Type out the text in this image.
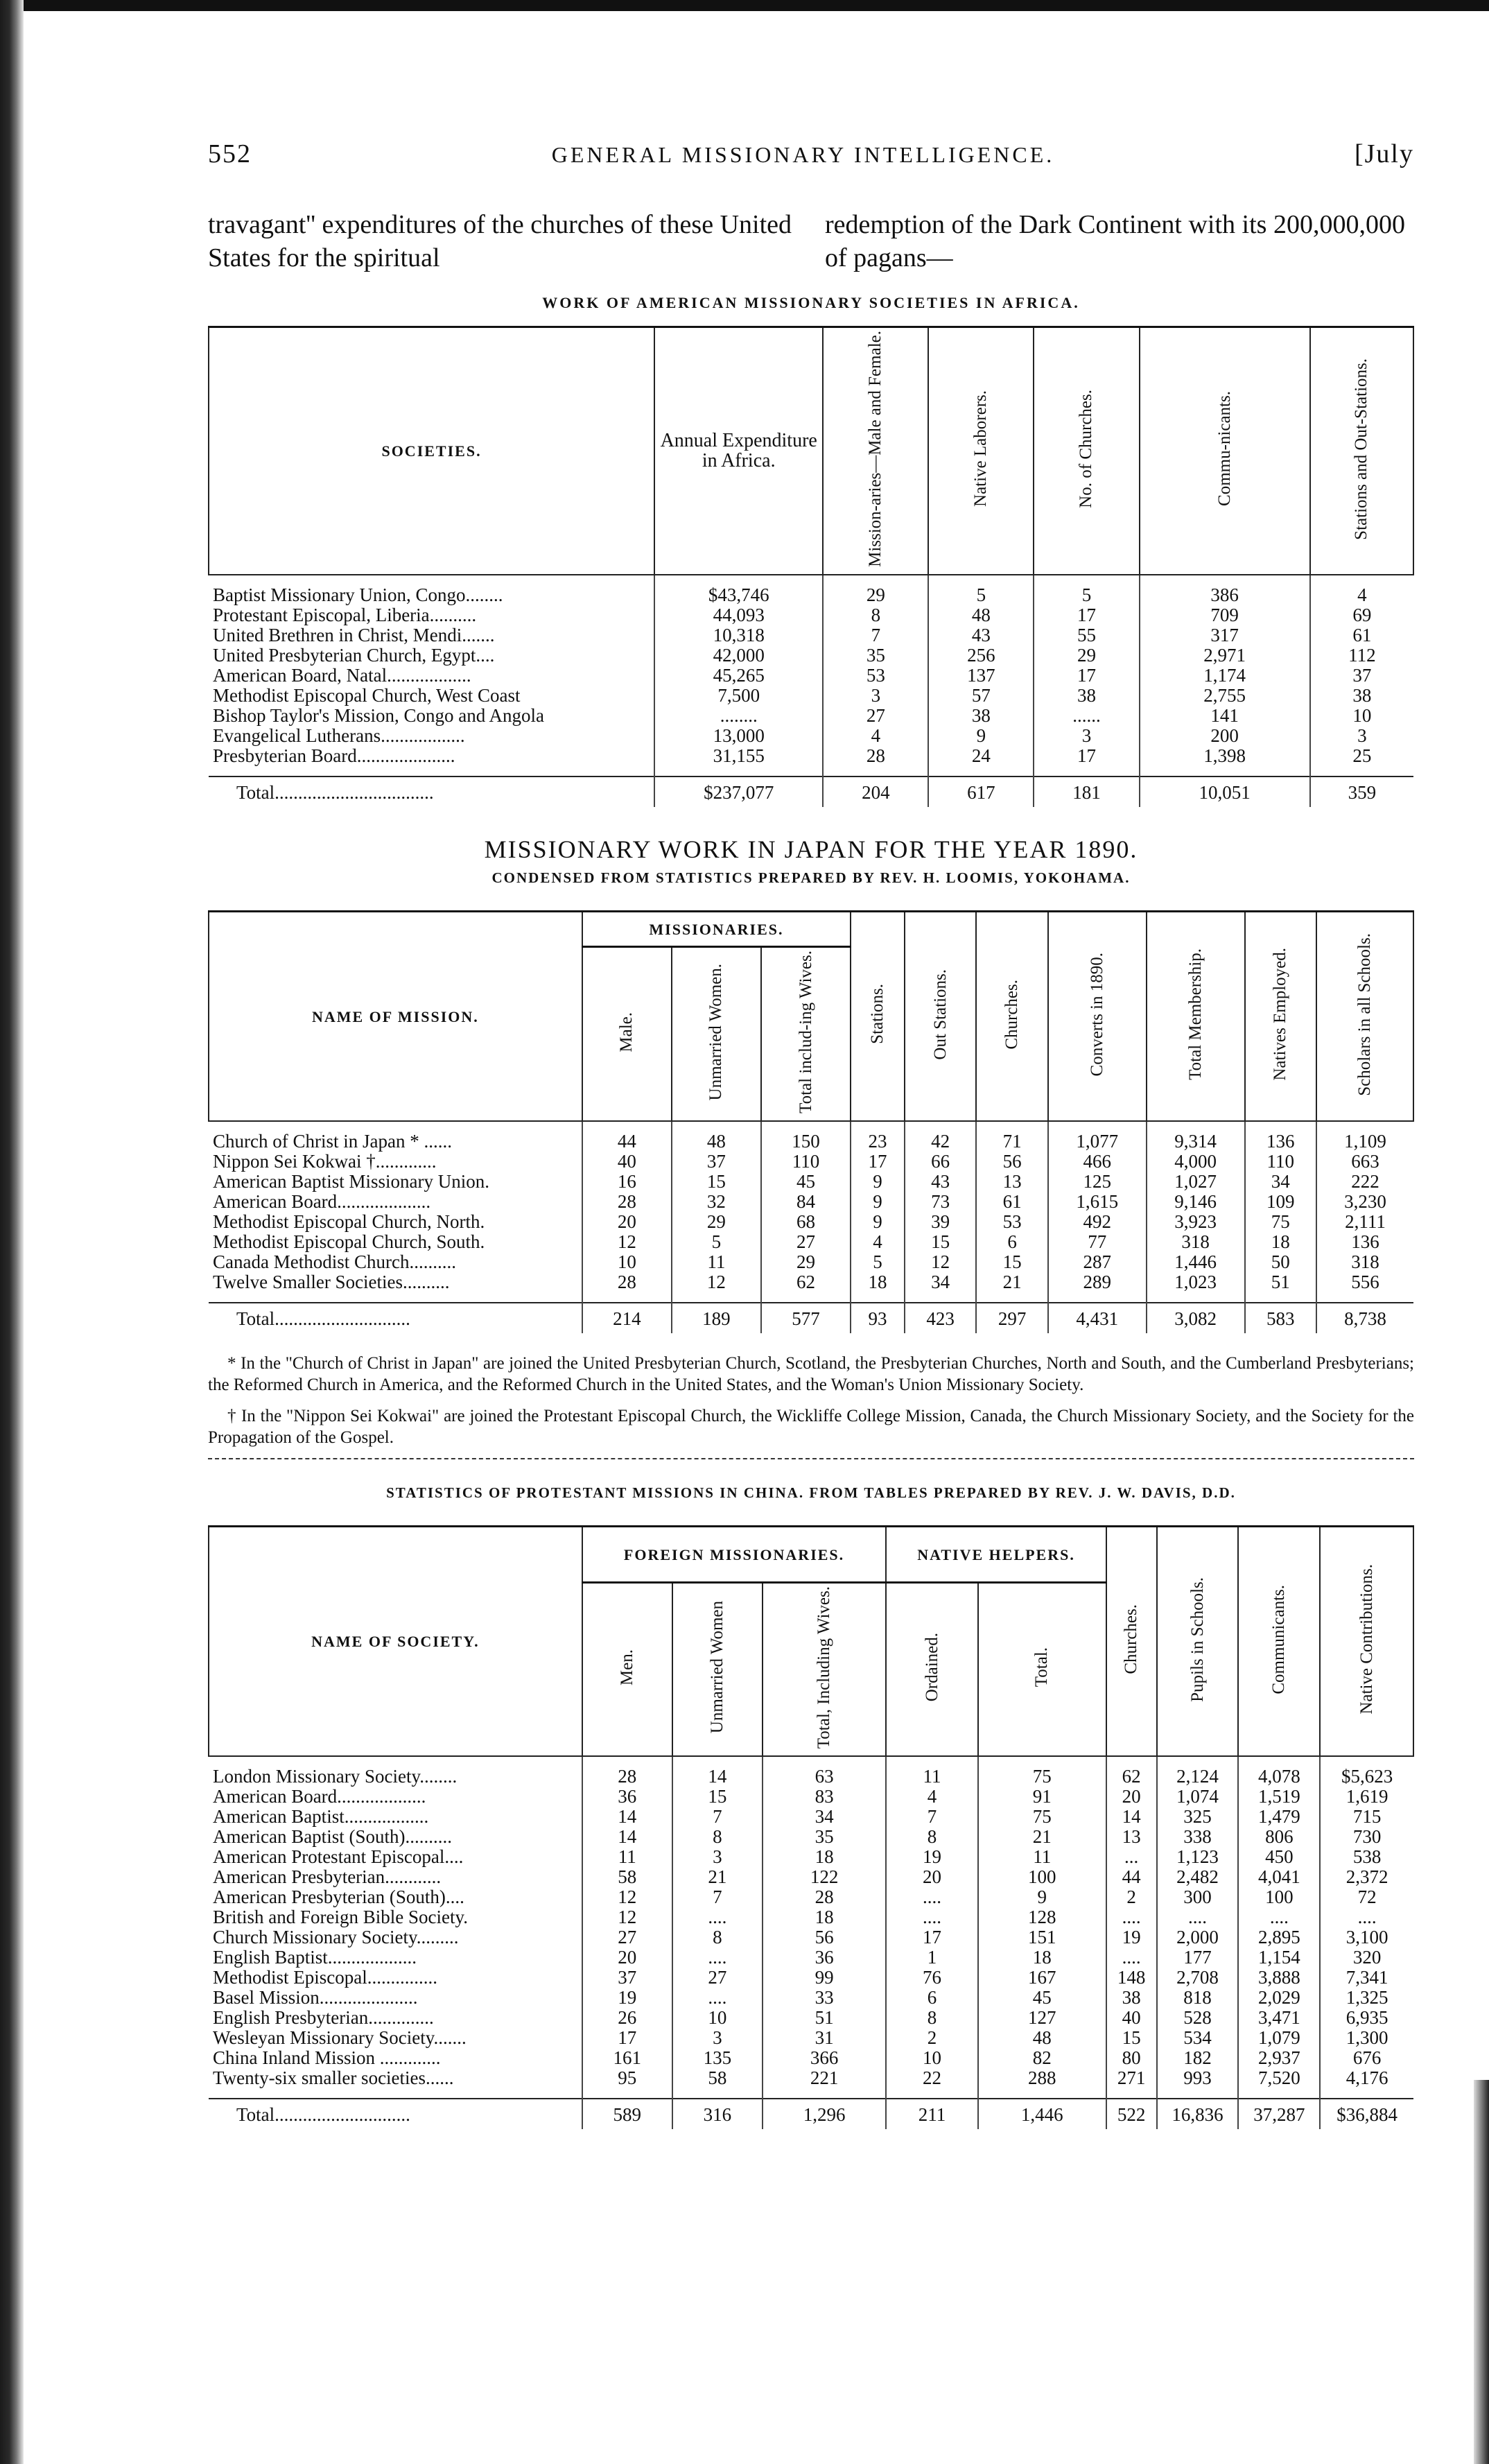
552	GENERAL MISSIONARY INTELLIGENCE.	[July
travagant'' expenditures of the churches of these United States for the spiritual
redemption of the Dark Continent with its 200,000,000 of pagans—
WORK OF AMERICAN MISSIONARY SOCIETIES IN AFRICA.
SOCIETIES.	Annual Expenditure in Africa.	Mission-aries—Male and Female.	Native Laborers.	No. of Churches.	Commu-nicants.	Stations and Out-Stations.
Baptist Missionary Union, Congo........	$43,746	29	5	5	386	4
Protestant Episcopal, Liberia..........	44,093	8	48	17	709	69
United Brethren in Christ, Mendi.......	10,318	7	43	55	317	61
United Presbyterian Church, Egypt....	42,000	35	256	29	2,971	112
American Board, Natal..................	45,265	53	137	17	1,174	37
Methodist Episcopal Church, West Coast	7,500	3	57	38	2,755	38
Bishop Taylor's Mission, Congo and Angola	........	27	38	......	141	10
Evangelical Lutherans..................	13,000	4	9	3	200	3
Presbyterian Board.....................	31,155	28	24	17	1,398	25
Total..................................	$237,077	204	617	181	10,051	359
MISSIONARY WORK IN JAPAN FOR THE YEAR 1890.
CONDENSED FROM STATISTICS PREPARED BY REV. H. LOOMIS, YOKOHAMA.
NAME OF MISSION.	MISSIONARIES.			Stations.	Out Stations.	Churches.	Converts in 1890.	Total Membership.	Natives Employed.	Scholars in all Schools.
	Male.	Unmarried Women.	Total includ-ing Wives.							
Church of Christ in Japan * ......	44	48	150	23	42	71	1,077	9,314	136	1,109
Nippon Sei Kokwai †.............	40	37	110	17	66	56	466	4,000	110	663
American Baptist Missionary Union.	16	15	45	9	43	13	125	1,027	34	222
American Board....................	28	32	84	9	73	61	1,615	9,146	109	3,230
Methodist Episcopal Church, North.	20	29	68	9	39	53	492	3,923	75	2,111
Methodist Episcopal Church, South.	12	5	27	4	15	6	77	318	18	136
Canada Methodist Church..........	10	11	29	5	12	15	287	1,446	50	318
Twelve Smaller Societies..........	28	12	62	18	34	21	289	1,023	51	556
Total.............................	214	189	577	93	423	297	4,431	3,082	583	8,738

* In the "Church of Christ in Japan" are joined the United Presbyterian Church, Scotland, the Presbyterian Churches, North and South, and the Cumberland Presbyterians; the Reformed Church in America, and the Reformed Church in the United States, and the Woman's Union Missionary Society.

† In the "Nippon Sei Kokwai" are joined the Protestant Episcopal Church, the Wickliffe College Mission, Canada, the Church Missionary Society, and the Society for the Propagation of the Gospel.

STATISTICS OF PROTESTANT MISSIONS IN CHINA. FROM TABLES PREPARED BY REV. J. W. DAVIS, D.D.
NAME OF SOCIETY.	FOREIGN MISSIONARIES.			NATIVE HELPERS.		Churches.	Pupils in Schools.	Communicants.	Native Contributions.
	Men.	Unmarried Women	Total, Including Wives.	Ordained.	Total.				
London Missionary Society........	28	14	63	11	75	62	2,124	4,078	$5,623
American Board...................	36	15	83	4	91	20	1,074	1,519	1,619
American Baptist..................	14	7	34	7	75	14	325	1,479	715
American Baptist (South)..........	14	8	35	8	21	13	338	806	730
American Protestant Episcopal....	11	3	18	19	11	...	1,123	450	538
American Presbyterian............	58	21	122	20	100	44	2,482	4,041	2,372
American Presbyterian (South)....	12	7	28	....	9	2	300	100	72
British and Foreign Bible Society.	12	....	18	....	128	....	....	....	....
Church Missionary Society.........	27	8	56	17	151	19	2,000	2,895	3,100
English Baptist...................	20	....	36	1	18	....	177	1,154	320
Methodist Episcopal...............	37	27	99	76	167	148	2,708	3,888	7,341
Basel Mission.....................	19	....	33	6	45	38	818	2,029	1,325
English Presbyterian..............	26	10	51	8	127	40	528	3,471	6,935
Wesleyan Missionary Society.......	17	3	31	2	48	15	534	1,079	1,300
China Inland Mission .............	161	135	366	10	82	80	182	2,937	676
Twenty-six smaller societies......	95	58	221	22	288	271	993	7,520	4,176
Total.............................	589	316	1,296	211	1,446	522	16,836	37,287	$36,884
